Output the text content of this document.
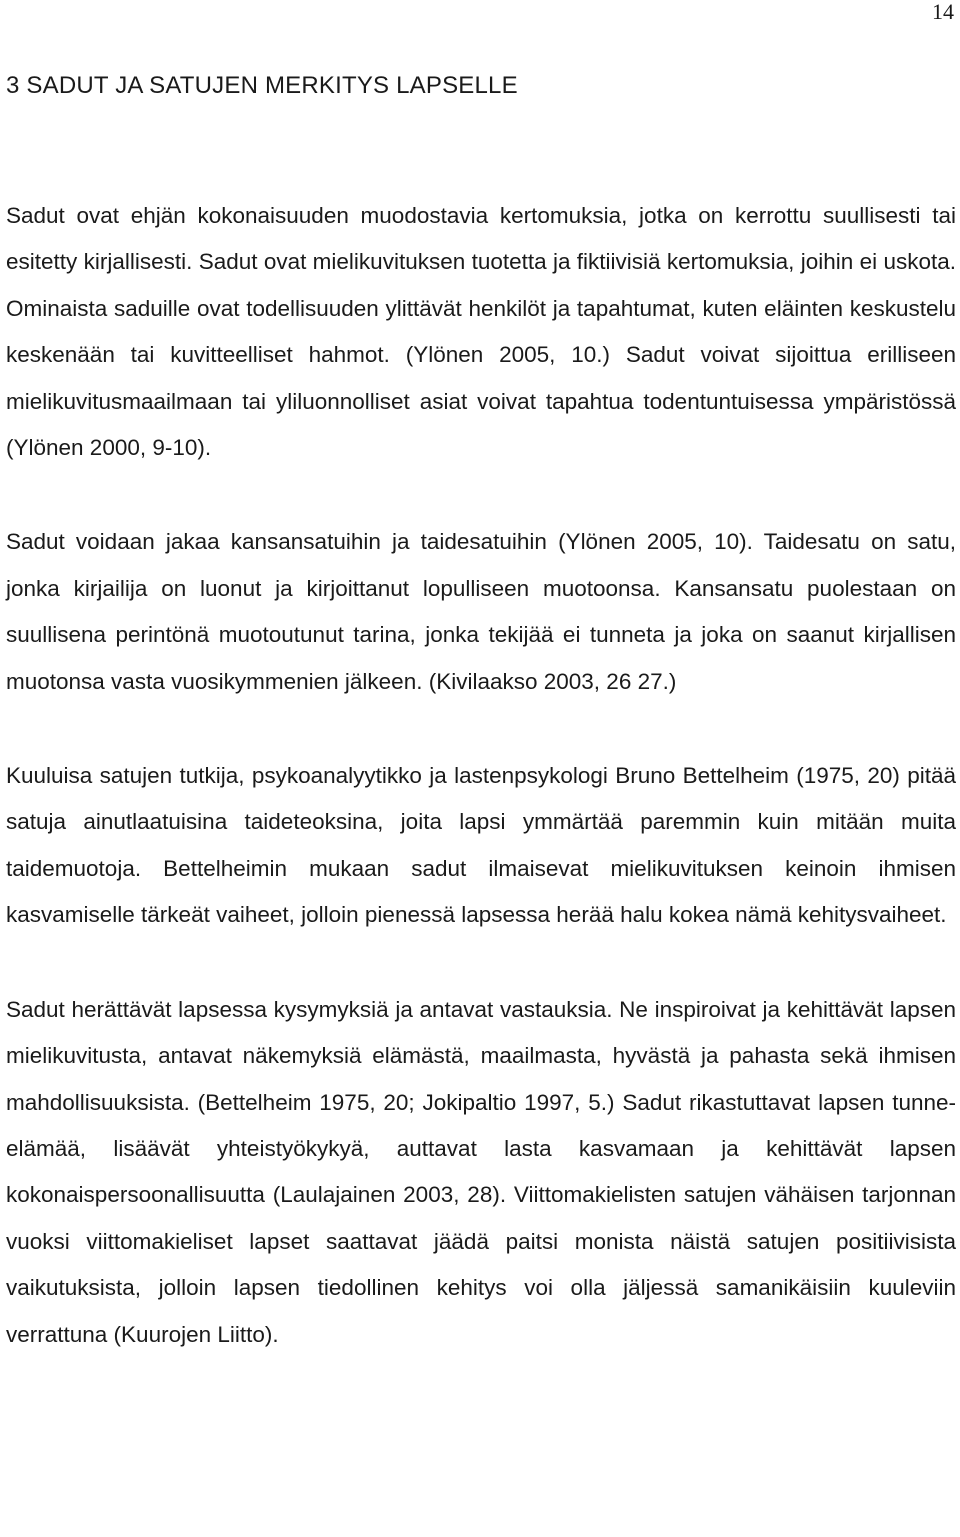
14
3 SADUT JA SATUJEN MERKITYS LAPSELLE

Sadut ovat ehjän kokonaisuuden muodostavia kertomuksia, jotka on kerrottu suullisesti tai esitetty kirjallisesti. Sadut ovat mielikuvituksen tuotetta ja fiktiivisiä kertomuksia, joihin ei uskota. Ominaista saduille ovat todellisuuden ylittävät henkilöt ja tapahtumat, kuten eläinten keskustelu keskenään tai kuvitteelliset hahmot. (Ylönen 2005, 10.) Sadut voivat sijoittua erilliseen mielikuvitusmaailmaan tai yliluonnolliset asiat voivat tapahtua todentuntuisessa ympäristössä (Ylönen 2000, 9-10).

Sadut voidaan jakaa kansansatuihin ja taidesatuihin (Ylönen 2005, 10). Taidesatu on satu, jonka kirjailija on luonut ja kirjoittanut lopulliseen muotoonsa. Kansansatu puolestaan on suullisena perintönä muotoutunut tarina, jonka tekijää ei tunneta ja joka on saanut kirjallisen muotonsa vasta vuosikymmenien jälkeen. (Kivilaakso 2003, 26 27.)

Kuuluisa satujen tutkija, psykoanalyytikko ja lastenpsykologi Bruno Bettelheim (1975, 20) pitää satuja ainutlaatuisina taideteoksina, joita lapsi ymmärtää paremmin kuin mitään muita taidemuotoja. Bettelheimin mukaan sadut ilmaisevat mielikuvituksen keinoin ihmisen kasvamiselle tärkeät vaiheet, jolloin pienessä lapsessa herää halu kokea nämä kehitysvaiheet.

Sadut herättävät lapsessa kysymyksiä ja antavat vastauksia. Ne inspiroivat ja kehittävät lapsen mielikuvitusta, antavat näkemyksiä elämästä, maailmasta, hyvästä ja pahasta sekä ihmisen mahdollisuuksista. (Bettelheim 1975, 20; Jokipaltio 1997, 5.) Sadut rikastuttavat lapsen tunne-elämää, lisäävät yhteistyökykyä, auttavat lasta kasvamaan ja kehittävät lapsen kokonaispersoonallisuutta (Laulajainen 2003, 28). Viittomakielisten satujen vähäisen tarjonnan vuoksi viittomakieliset lapset saattavat jäädä paitsi monista näistä satujen positiivisista vaikutuksista, jolloin lapsen tiedollinen kehitys voi olla jäljessä samanikäisiin kuuleviin verrattuna (Kuurojen Liitto).
